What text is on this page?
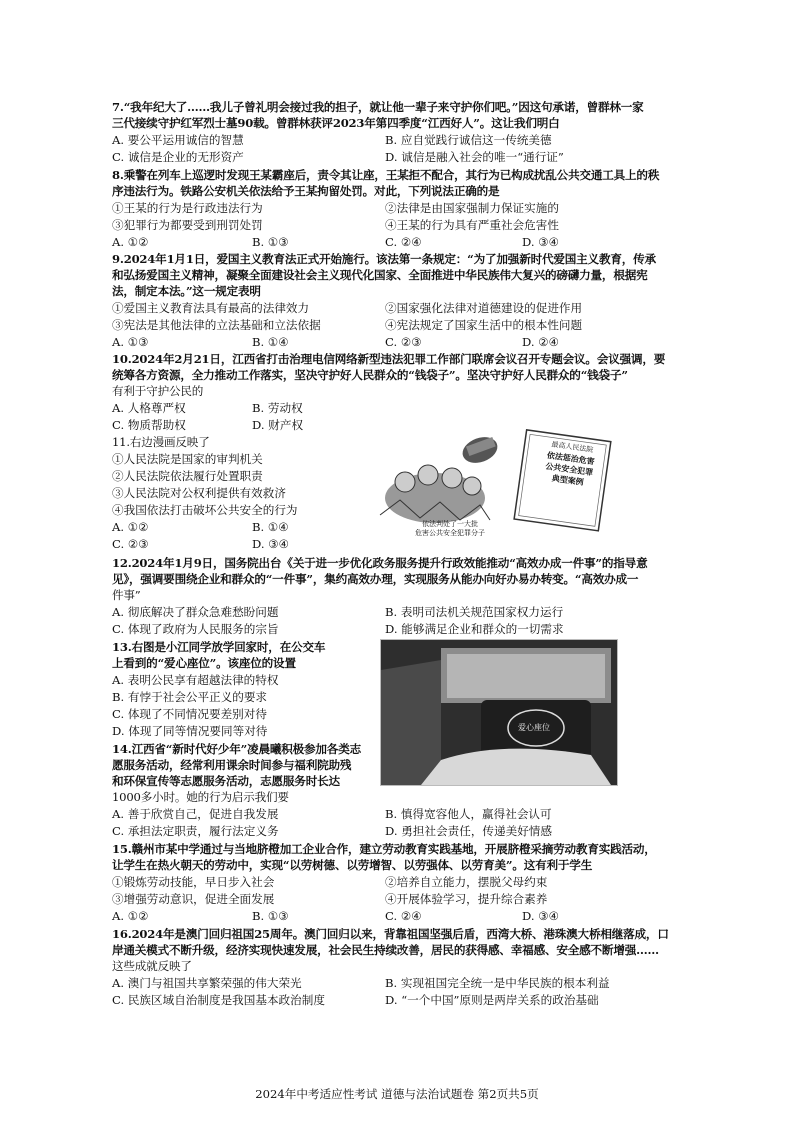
7.“我年纪大了……我儿子曾礼明会接过我的担子，就让他一辈子来守护你们吧。”因这句承诺，曾群林一家
三代接续守护红军烈士墓90载。曾群林获评2023年第四季度“江西好人”。这让我们明白
A. 要公平运用诚信的智慧	B. 应自觉践行诚信这一传统美德
C. 诚信是企业的无形资产	D. 诚信是融入社会的唯一“通行证”
8.乘警在列车上巡逻时发现王某霸座后，责令其让座，王某拒不配合，其行为已构成扰乱公共交通工具上的秩
序违法行为。铁路公安机关依法给予王某拘留处罚。对此，下列说法正确的是
①王某的行为是行政违法行为	②法律是由国家强制力保证实施的
③犯罪行为都要受到刑罚处罚	④王某的行为具有严重社会危害性
A. ①②	B. ①③	C. ②④	D. ③④
9.2024年1月1日，爱国主义教育法正式开始施行。该法第一条规定：“为了加强新时代爱国主义教育，传承
和弘扬爱国主义精神，凝聚全面建设社会主义现代化国家、全面推进中华民族伟大复兴的磅礴力量，根据宪
法，制定本法。”这一规定表明
①爱国主义教育法具有最高的法律效力	②国家强化法律对道德建设的促进作用
③宪法是其他法律的立法基础和立法依据	④宪法规定了国家生活中的根本性问题
A. ①③	B. ①④	C. ②③	D. ②④
10.2024年2月21日，江西省打击治理电信网络新型违法犯罪工作部门联席会议召开专题会议。会议强调，要
统筹各方资源，全力推动工作落实，坚决守护好人民群众的“钱袋子”。坚决守护好人民群众的“钱袋子”
有利于守护公民的
A. 人格尊严权	B. 劳动权
C. 物质帮助权	D. 财产权
11.右边漫画反映了
①人民法院是国家的审判机关
②人民法院依法履行处置职责
③人民法院对公权利提供有效救济
④我国依法打击破坏公共安全的行为
A. ①②	B. ①④
C. ②③	D. ③④
最高人民法院
依法惩治危害
公共安全犯罪
典型案例
依法判处了一大批
危害公共安全犯罪分子
12.2024年1月9日，国务院出台《关于进一步优化政务服务提升行政效能推动“高效办成一件事”的指导意
见》，强调要围绕企业和群众的“一件事”，集约高效办理，实现服务从能办向好办易办转变。“高效办成一
件事”
A. 彻底解决了群众急难愁盼问题	B. 表明司法机关规范国家权力运行
C. 体现了政府为人民服务的宗旨	D. 能够满足企业和群众的一切需求
13.右图是小江同学放学回家时，在公交车
上看到的“爱心座位”。该座位的设置
A. 表明公民享有超越法律的特权
B. 有悖于社会公平正义的要求
C. 体现了不同情况要差别对待
D. 体现了同等情况要同等对待	爱心座位
14.江西省“新时代好少年”凌晨曦积极参加各类志
愿服务活动，经常利用课余时间参与福利院助残
和环保宣传等志愿服务活动，志愿服务时长达
1000多小时。她的行为启示我们要
A. 善于欣赏自己，促进自我发展	B. 慎得宽容他人，赢得社会认可
C. 承担法定职责，履行法定义务	D. 勇担社会责任，传递美好情感
15.赣州市某中学通过与当地脐橙加工企业合作，建立劳动教育实践基地，开展脐橙采摘劳动教育实践活动，
让学生在热火朝天的劳动中，实现“以劳树德、以劳增智、以劳强体、以劳育美”。这有利于学生
①锻炼劳动技能，早日步入社会	②培养自立能力，摆脱父母约束
③增强劳动意识，促进全面发展	④开展体验学习，提升综合素养
A. ①②	B. ①③	C. ②④	D. ③④
16.2024年是澳门回归祖国25周年。澳门回归以来，背靠祖国坚强后盾，西湾大桥、港珠澳大桥相继落成，口
岸通关模式不断升级，经济实现快速发展，社会民生持续改善，居民的获得感、幸福感、安全感不断增强……
这些成就反映了
A. 澳门与祖国共享繁荣强的伟大荣光	B. 实现祖国完全统一是中华民族的根本利益
C. 民族区域自治制度是我国基本政治制度	D. “一个中国”原则是两岸关系的政治基础
2024年中考适应性考试 道德与法治试题卷 第2页共5页
